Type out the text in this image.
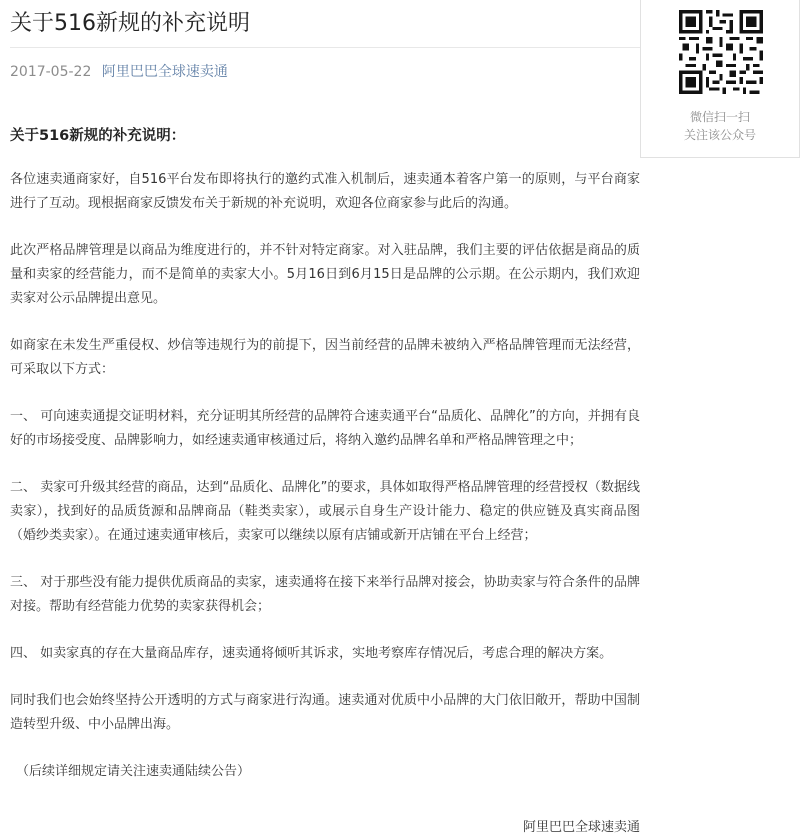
关于516新规的补充说明
2017-05-22 阿里巴巴全球速卖通

关于516新规的补充说明：

各位速卖通商家好，自516平台发布即将执行的邀约式准入机制后，速卖通本着客户第一的原则，与平台商家进行了互动。现根据商家反馈发布关于新规的补充说明，欢迎各位商家参与此后的沟通。

此次严格品牌管理是以商品为维度进行的，并不针对特定商家。对入驻品牌，我们主要的评估依据是商品的质量和卖家的经营能力，而不是简单的卖家大小。5月16日到6月15日是品牌的公示期。在公示期内，我们欢迎卖家对公示品牌提出意见。

如商家在未发生严重侵权、炒信等违规行为的前提下，因当前经营的品牌未被纳入严格品牌管理而无法经营，可采取以下方式：

一、 可向速卖通提交证明材料，充分证明其所经营的品牌符合速卖通平台“品质化、品牌化”的方向，并拥有良好的市场接受度、品牌影响力，如经速卖通审核通过后，将纳入邀约品牌名单和严格品牌管理之中；

二、 卖家可升级其经营的商品，达到“品质化、品牌化”的要求，具体如取得严格品牌管理的经营授权（数据线卖家），找到好的品质货源和品牌商品（鞋类卖家），或展示自身生产设计能力、稳定的供应链及真实商品图（婚纱类卖家）。在通过速卖通审核后，卖家可以继续以原有店铺或新开店铺在平台上经营；

三、 对于那些没有能力提供优质商品的卖家，速卖通将在接下来举行品牌对接会，协助卖家与符合条件的品牌对接。帮助有经营能力优势的卖家获得机会；

四、 如卖家真的存在大量商品库存，速卖通将倾听其诉求，实地考察库存情况后，考虑合理的解决方案。

同时我们也会始终坚持公开透明的方式与商家进行沟通。速卖通对优质中小品牌的大门依旧敞开，帮助中国制造转型升级、中小品牌出海。

（后续详细规定请关注速卖通陆续公告）

阿里巴巴全球速卖通

微信扫一扫
关注该公众号
